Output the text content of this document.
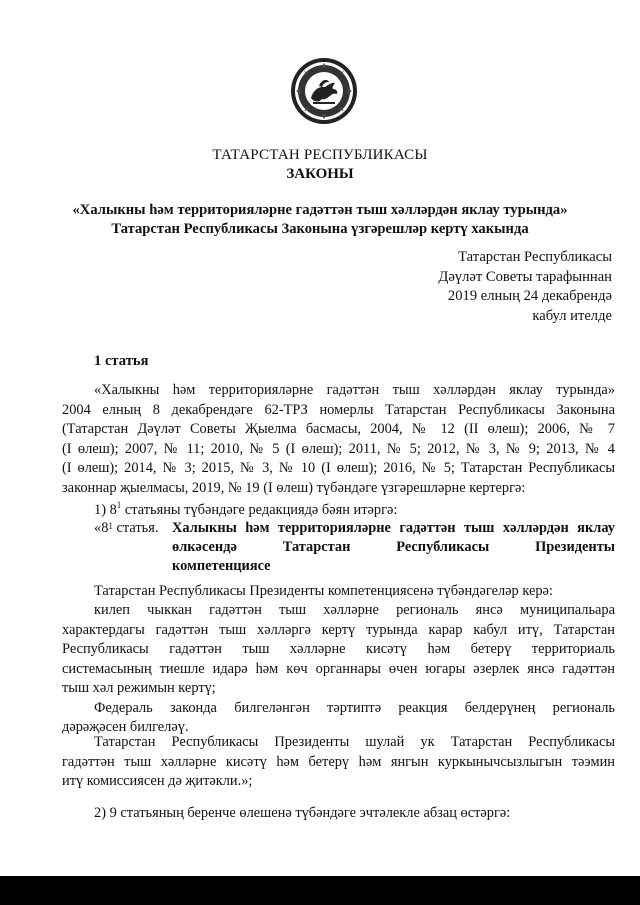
ТАТАРСТАН РЕСПУБЛИКАСЫ
ЗАКОНЫ
«Халыкны һәм территорияләрне гадәттән тыш хәлләрдән яклау турында»
Татарстан Республикасы Законына үзгәрешләр кертү хакында
Татарстан Республикасы
Дәүләт Советы тарафыннан
2019 елның 24 декабрендә
кабул ителде
1 статья
«Халыкны һәм территорияләрне гадәттән тыш хәлләрдән яклау турында»
2004 елның 8 декабрендәге 62-ТРЗ номерлы Татарстан Республикасы Законына
(Татарстан Дәүләт Советы Җыелма басмасы, 2004, № 12 (II өлеш); 2006, № 7
(I өлеш); 2007, № 11; 2010, № 5 (I өлеш); 2011, № 5; 2012, № 3, № 9; 2013, № 4
(I өлеш); 2014, № 3; 2015, № 3, № 10 (I өлеш); 2016, № 5; Татарстан Республикасы
законнар җыелмасы, 2019, № 19 (I өлеш) түбәндәге үзгәрешләрне кертергә:
1) $8^1$ статьяны түбәндәге редакциядә бәян итәргә:
«$8^1$ статья. Халыкны һәм территорияләрне гадәттән тыш хәлләрдән яклау
өлкәсендә Татарстан Республикасы Президенты
компетенциясе
Татарстан Республикасы Президенты компетенциясенә түбәндәгеләр керә:
килеп чыккан гадәттән тыш хәлләрне региональ янсә муниципальара
характердагы гадәттән тыш хәлләргә кертү турында карар кабул итү, Татарстан
Республикасы гадәттән тыш хәлләрне кисәтү һәм бетерү территориаль
системасының тиешле идарә һәм көч органнары өчен югары әзерлек янсә гадәттән
тыш хәл режимын кертү;
Федераль законда билгеләнгән тәртиптә реакция белдерүнең региональ
дәрәҗәсен билгеләү.
Татарстан Республикасы Президенты шулай ук Татарстан Республикасы
гадәттән тыш хәлләрне кисәтү һәм бетерү һәм янгын куркынычсызлыгын тәэмин
итү комиссиясен дә җитәкли.»;
2) 9 статьяның беренче өлешенә түбәндәге эчтәлекле абзац өстәргә:
